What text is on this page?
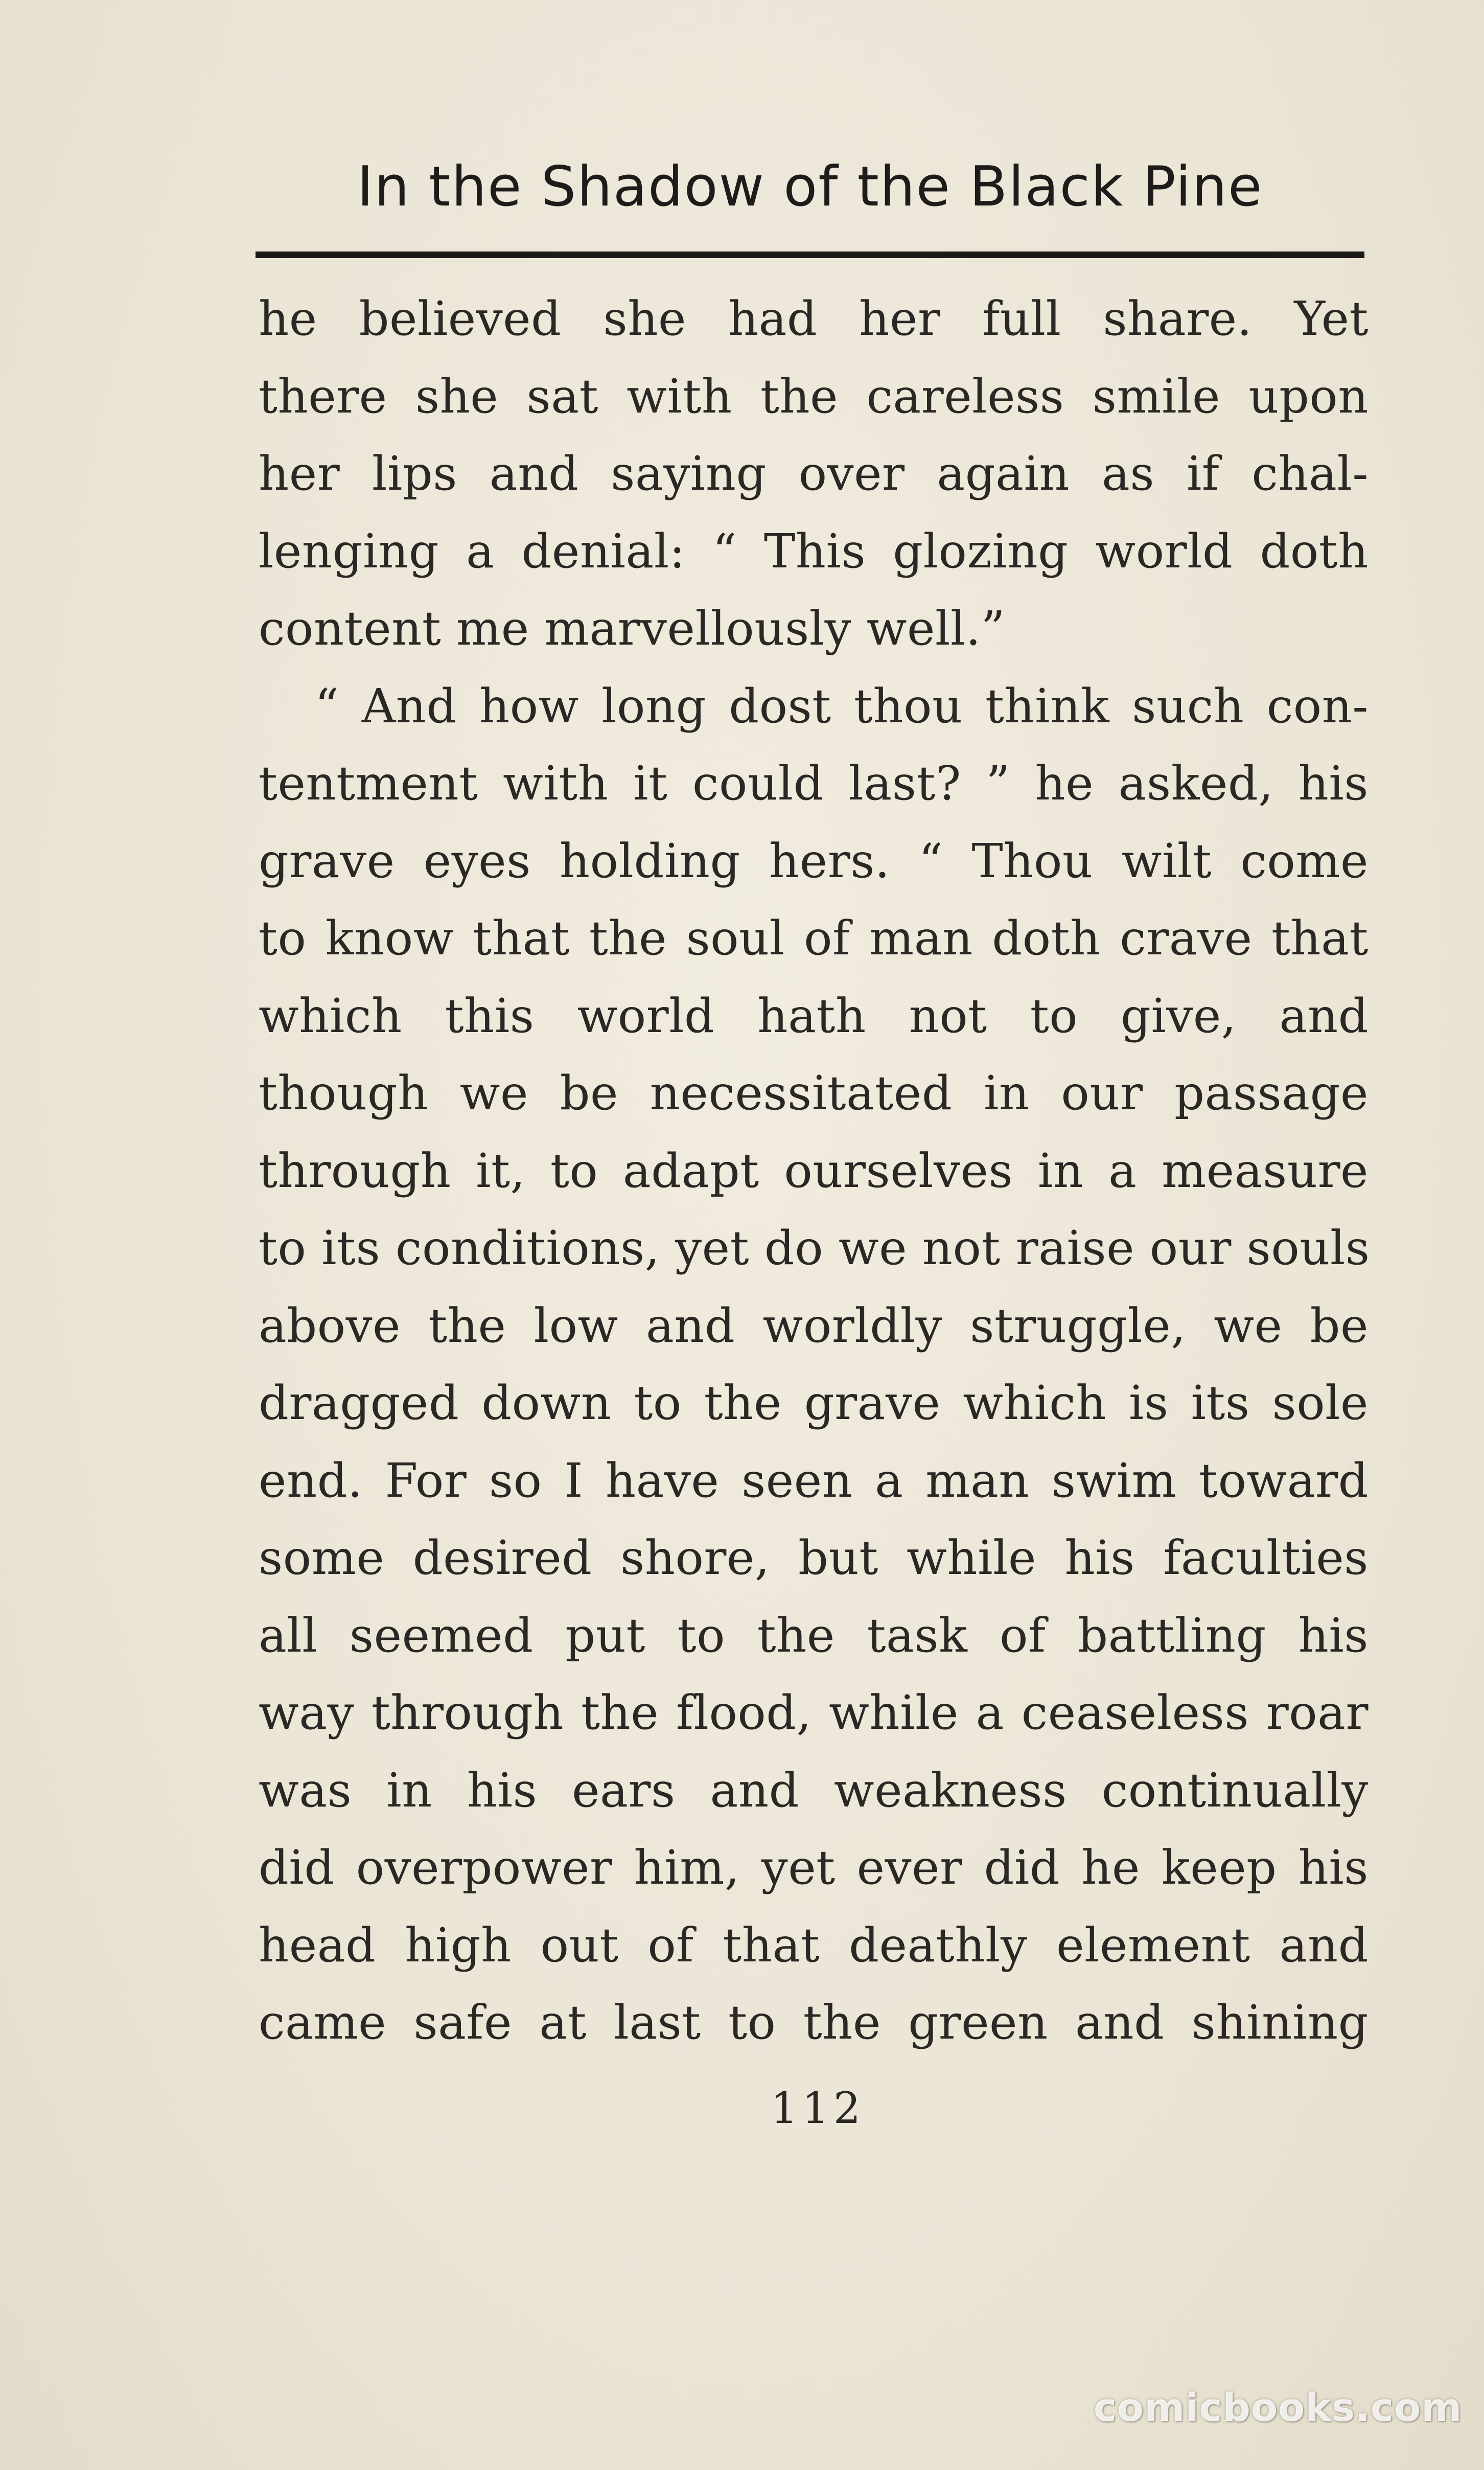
In the Shadow of the Black Pine
he believed she had her full share. Yet
there she sat with the careless smile upon
her lips and saying over again as if chal-
lenging a denial: “ This glozing world doth
content me marvellously well.”
“ And how long dost thou think such con-
tentment with it could last? ” he asked, his
grave eyes holding hers. “ Thou wilt come
to know that the soul of man doth crave that
which this world hath not to give, and
though we be necessitated in our passage
through it, to adapt ourselves in a measure
to its conditions, yet do we not raise our souls
above the low and worldly struggle, we be
dragged down to the grave which is its sole
end. For so I have seen a man swim toward
some desired shore, but while his faculties
all seemed put to the task of battling his
way through the flood, while a ceaseless roar
was in his ears and weakness continually
did overpower him, yet ever did he keep his
head high out of that deathly element and
came safe at last to the green and shining
112
comicbooks.com
